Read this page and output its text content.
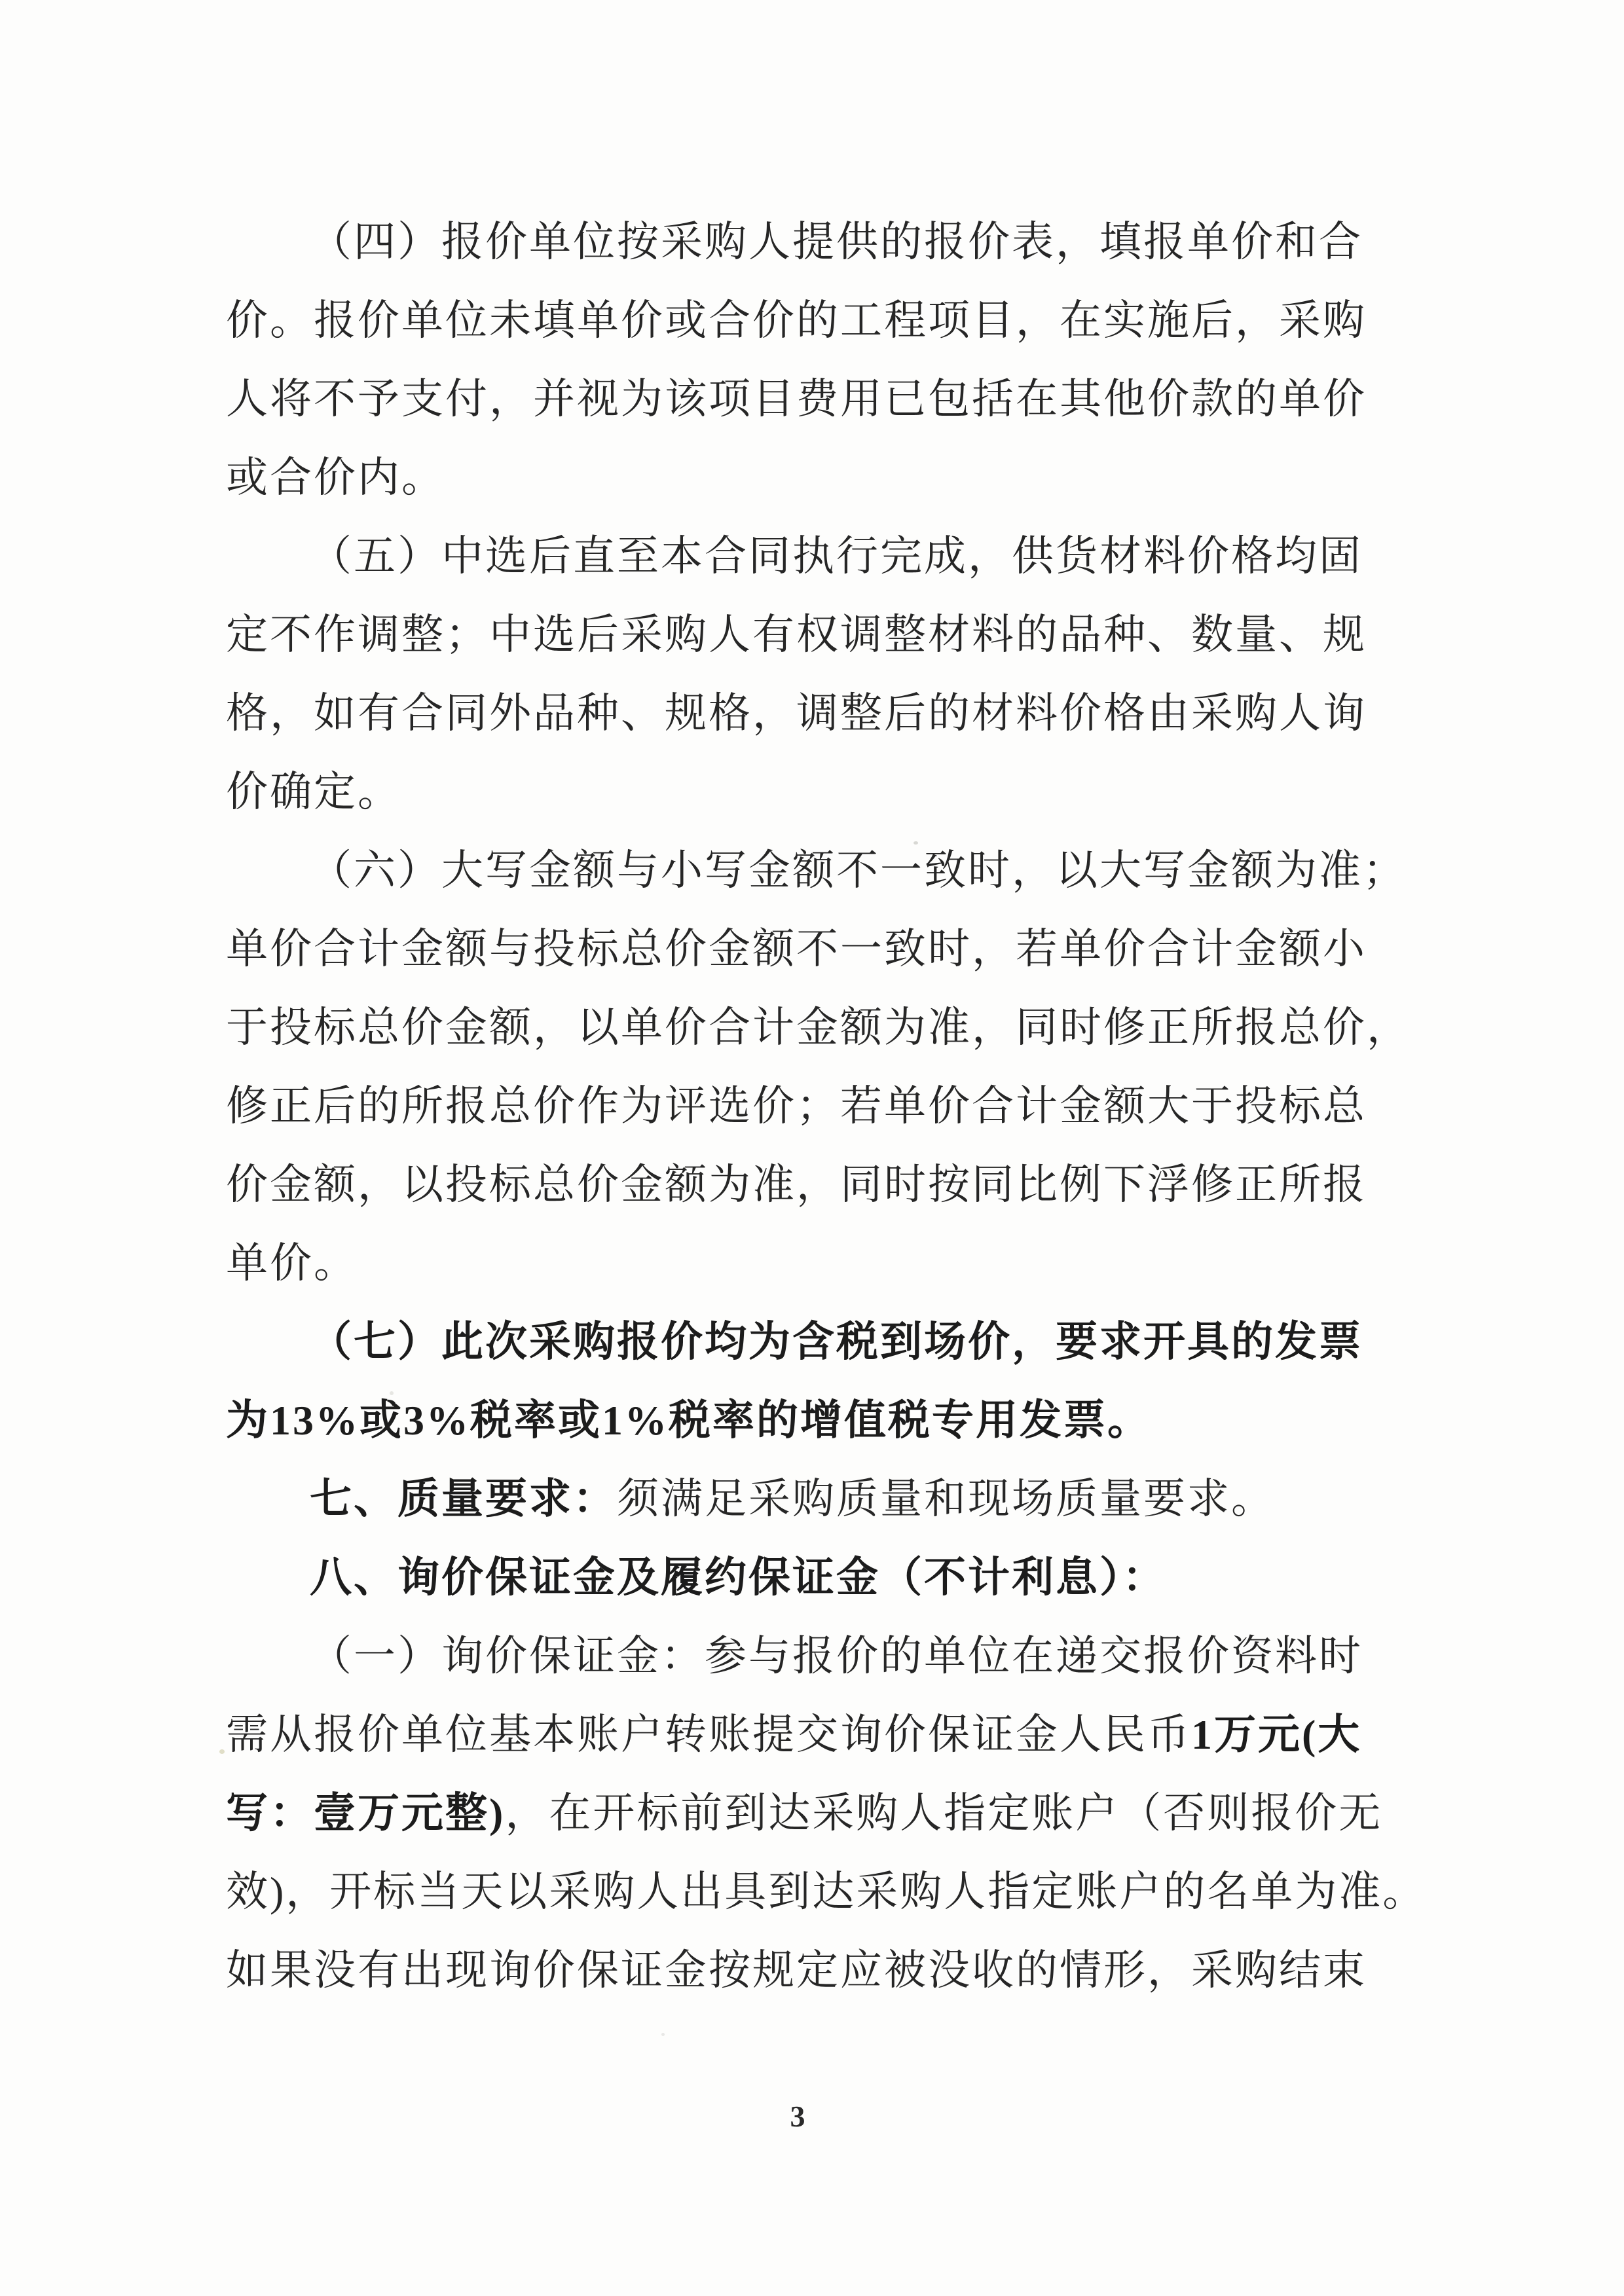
（四）报价单位按采购人提供的报价表，填报单价和合
价。报价单位未填单价或合价的工程项目，在实施后，采购
人将不予支付，并视为该项目费用已包括在其他价款的单价
或合价内。
（五）中选后直至本合同执行完成，供货材料价格均固
定不作调整；中选后采购人有权调整材料的品种、数量、规
格，如有合同外品种、规格，调整后的材料价格由采购人询
价确定。
（六）大写金额与小写金额不一致时，以大写金额为准；
单价合计金额与投标总价金额不一致时，若单价合计金额小
于投标总价金额，以单价合计金额为准，同时修正所报总价，
修正后的所报总价作为评选价；若单价合计金额大于投标总
价金额，以投标总价金额为准，同时按同比例下浮修正所报
单价。
（七）此次采购报价均为含税到场价，要求开具的发票
为13%或3%税率或1%税率的增值税专用发票。
七、质量要求：须满足采购质量和现场质量要求。
八、询价保证金及履约保证金（不计利息）：
（一）询价保证金：参与报价的单位在递交报价资料时
需从报价单位基本账户转账提交询价保证金人民币1万元(大
写：壹万元整)，在开标前到达采购人指定账户（否则报价无
效)，开标当天以采购人出具到达采购人指定账户的名单为准。
如果没有出现询价保证金按规定应被没收的情形，采购结束
3
